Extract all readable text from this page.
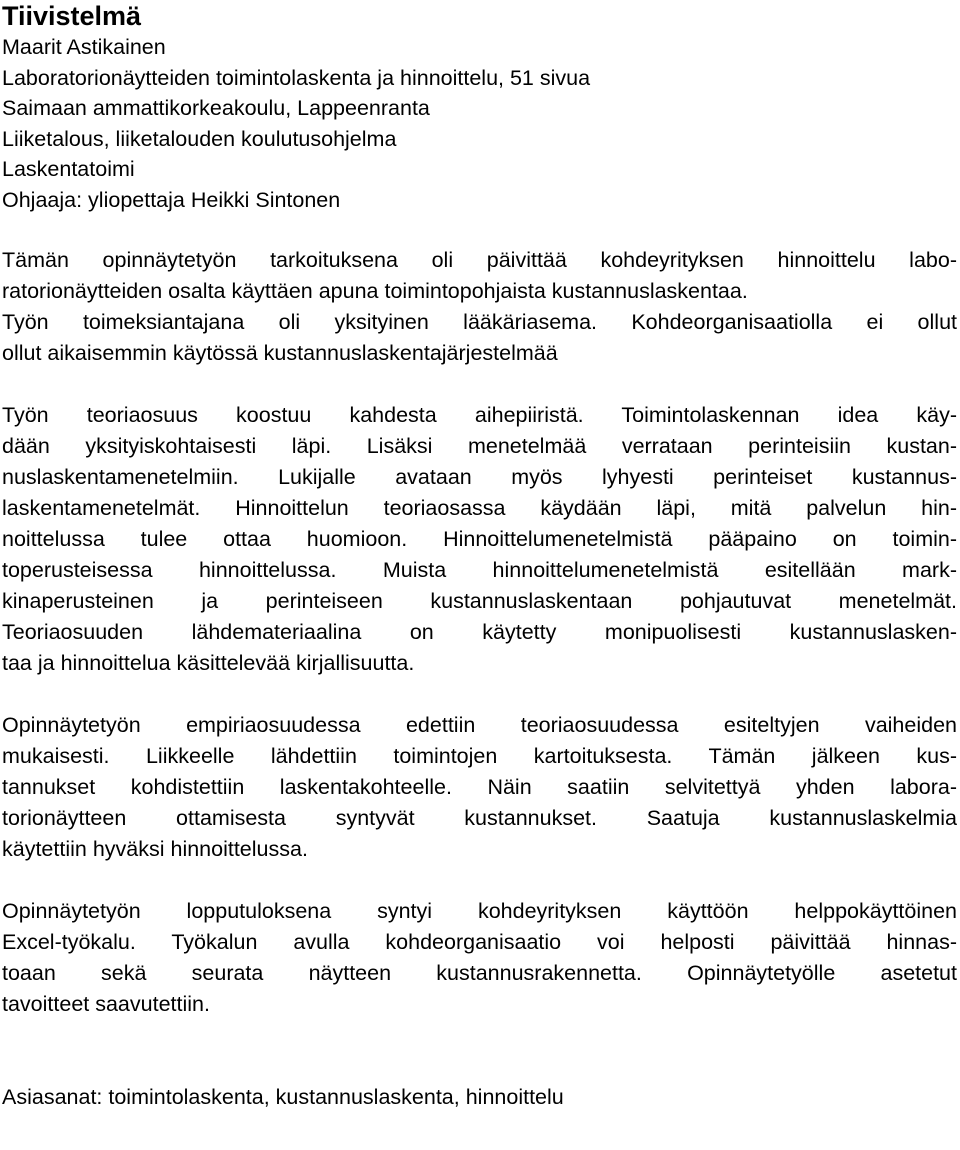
Tiivistelmä
Maarit Astikainen
Laboratorionäytteiden toimintolaskenta ja hinnoittelu, 51 sivua
Saimaan ammattikorkeakoulu, Lappeenranta
Liiketalous, liiketalouden koulutusohjelma
Laskentatoimi
Ohjaaja: yliopettaja Heikki Sintonen

Tämän opinnäytetyön tarkoituksena oli päivittää kohdeyrityksen hinnoittelu labo-
ratorionäytteiden osalta käyttäen apuna toimintopohjaista kustannuslaskentaa.
Työn toimeksiantajana oli yksityinen lääkäriasema. Kohdeorganisaatiolla ei ollut
ollut aikaisemmin käytössä kustannuslaskentajärjestelmää

Työn teoriaosuus koostuu kahdesta aihepiiristä. Toimintolaskennan idea käy-
dään yksityiskohtaisesti läpi. Lisäksi menetelmää verrataan perinteisiin kustan-
nuslaskentamenetelmiin. Lukijalle avataan myös lyhyesti perinteiset kustannus-
laskentamenetelmät. Hinnoittelun teoriaosassa käydään läpi, mitä palvelun hin-
noittelussa tulee ottaa huomioon. Hinnoittelumenetelmistä pääpaino on toimin-
toperusteisessa hinnoittelussa. Muista hinnoittelumenetelmistä esitellään mark-
kinaperusteinen ja perinteiseen kustannuslaskentaan pohjautuvat menetelmät.
Teoriaosuuden lähdemateriaalina on käytetty monipuolisesti kustannuslasken-
taa ja hinnoittelua käsittelevää kirjallisuutta.

Opinnäytetyön empiriaosuudessa edettiin teoriaosuudessa esiteltyjen vaiheiden
mukaisesti. Liikkeelle lähdettiin toimintojen kartoituksesta. Tämän jälkeen kus-
tannukset kohdistettiin laskentakohteelle. Näin saatiin selvitettyä yhden labora-
torionäytteen ottamisesta syntyvät kustannukset. Saatuja kustannuslaskelmia
käytettiin hyväksi hinnoittelussa.

Opinnäytetyön lopputuloksena syntyi kohdeyrityksen käyttöön helppokäyttöinen
Excel-työkalu. Työkalun avulla kohdeorganisaatio voi helposti päivittää hinnas-
toaan sekä seurata näytteen kustannusrakennetta. Opinnäytetyölle asetetut
tavoitteet saavutettiin.

Asiasanat: toimintolaskenta, kustannuslaskenta, hinnoittelu
